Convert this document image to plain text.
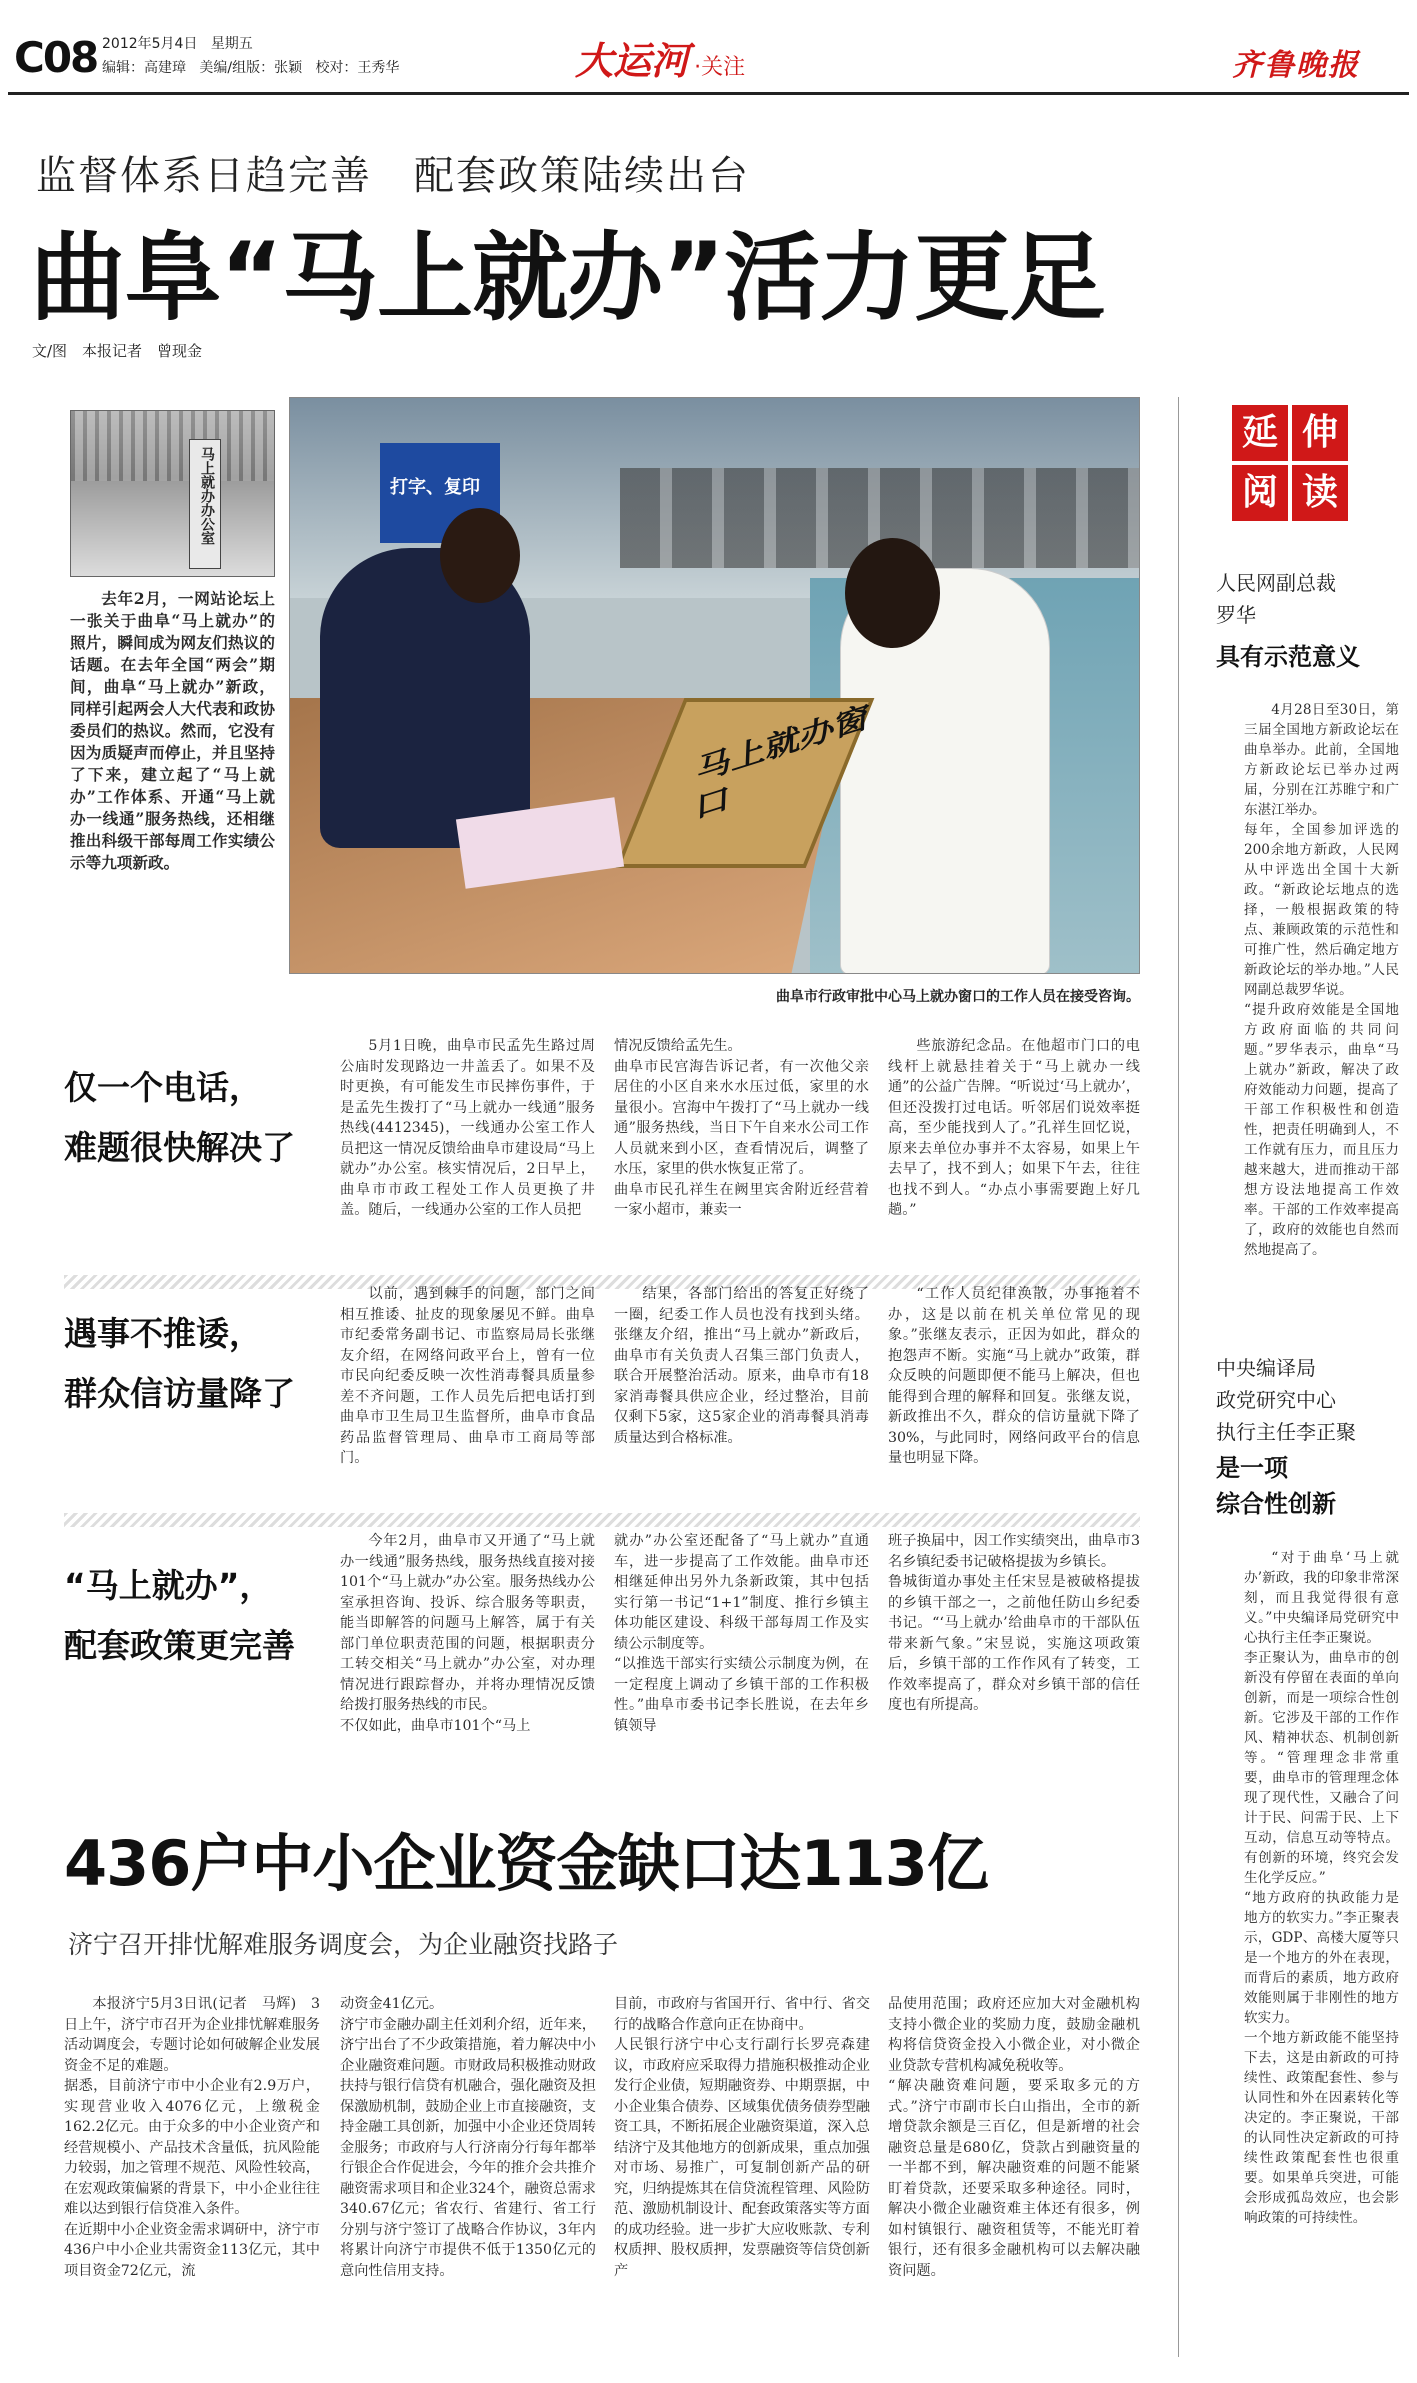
C08 2012年5月4日 星期五
编辑：高建璋 美编/组版：张颖 校对：王秀华	大运河 ·关注	齐鲁晚报
监督体系日趋完善　配套政策陆续出台
曲阜“马上就办”活力更足
文/图　本报记者　曾现金
马上就办办公室
去年2月，一网站论坛上一张关于曲阜“马上就办”的照片，瞬间成为网友们热议的话题。在去年全国“两会”期间，曲阜“马上就办”新政，同样引起两会人大代表和政协委员们的热议。然而，它没有因为质疑声而停止，并且坚持了下来，建立起了“马上就办”工作体系、开通“马上就办一线通”服务热线，还相继推出科级干部每周工作实绩公示等九项新政。
打字、复印
马上就办窗口
曲阜市行政审批中心马上就办窗口的工作人员在接受咨询。
仅一个电话，
难题很快解决了
5月1日晚，曲阜市民孟先生路过周公庙时发现路边一井盖丢了。如果不及时更换，有可能发生市民摔伤事件，于是孟先生拨打了“马上就办一线通”服务热线(4412345)，一线通办公室工作人员把这一情况反馈给曲阜市建设局“马上就办”办公室。核实情况后，2日早上，曲阜市市政工程处工作人员更换了井盖。随后，一线通办公室的工作人员把
情况反馈给孟先生。
曲阜市民宫海告诉记者，有一次他父亲居住的小区自来水水压过低，家里的水量很小。宫海中午拨打了“马上就办一线通”服务热线，当日下午自来水公司工作人员就来到小区，查看情况后，调整了水压，家里的供水恢复正常了。
曲阜市民孔祥生在阙里宾舍附近经营着一家小超市，兼卖一
些旅游纪念品。在他超市门口的电线杆上就悬挂着关于“马上就办一线通”的公益广告牌。“听说过‘马上就办’，但还没拨打过电话。听邻居们说效率挺高，至少能找到人了。”孔祥生回忆说，原来去单位办事并不太容易，如果上午去早了，找不到人；如果下午去，往往也找不到人。“办点小事需要跑上好几趟。”
遇事不推诿，
群众信访量降了
以前，遇到棘手的问题，部门之间相互推诿、扯皮的现象屡见不鲜。曲阜市纪委常务副书记、市监察局局长张继友介绍，在网络问政平台上，曾有一位市民向纪委反映一次性消毒餐具质量参差不齐问题，工作人员先后把电话打到曲阜市卫生局卫生监督所，曲阜市食品药品监督管理局、曲阜市工商局等部门。
结果，各部门给出的答复正好绕了一圈，纪委工作人员也没有找到头绪。张继友介绍，推出“马上就办”新政后，曲阜市有关负责人召集三部门负责人，联合开展整治活动。原来，曲阜市有18家消毒餐具供应企业，经过整治，目前仅剩下5家，这5家企业的消毒餐具消毒质量达到合格标准。
“工作人员纪律涣散，办事拖着不办，这是以前在机关单位常见的现象。”张继友表示，正因为如此，群众的抱怨声不断。实施“马上就办”政策，群众反映的问题即便不能马上解决，但也能得到合理的解释和回复。张继友说，新政推出不久，群众的信访量就下降了30%，与此同时，网络问政平台的信息量也明显下降。
“马上就办”，
配套政策更完善
今年2月，曲阜市又开通了“马上就办一线通”服务热线，服务热线直接对接101个“马上就办”办公室。服务热线办公室承担咨询、投诉、综合服务等职责，能当即解答的问题马上解答，属于有关部门单位职责范围的问题，根据职责分工转交相关“马上就办”办公室，对办理情况进行跟踪督办，并将办理情况反馈给拨打服务热线的市民。
不仅如此，曲阜市101个“马上
就办”办公室还配备了“马上就办”直通车，进一步提高了工作效能。曲阜市还相继延伸出另外九条新政策，其中包括实行第一书记“1+1”制度、推行乡镇主体功能区建设、科级干部每周工作及实绩公示制度等。
“以推选干部实行实绩公示制度为例，在一定程度上调动了乡镇干部的工作积极性。”曲阜市委书记李长胜说，在去年乡镇领导
班子换届中，因工作实绩突出，曲阜市3名乡镇纪委书记破格提拔为乡镇长。
鲁城街道办事处主任宋昱是被破格提拔的乡镇干部之一，之前他任防山乡纪委书记。“‘马上就办’给曲阜市的干部队伍带来新气象。”宋昱说，实施这项政策后，乡镇干部的工作作风有了转变，工作效率提高了，群众对乡镇干部的信任度也有所提高。
436户中小企业资金缺口达113亿
济宁召开排忧解难服务调度会，为企业融资找路子
本报济宁5月3日讯(记者　马辉)　3日上午，济宁市召开为企业排忧解难服务活动调度会，专题讨论如何破解企业发展资金不足的难题。
据悉，目前济宁市中小企业有2.9万户，实现营业收入4076亿元，上缴税金162.2亿元。由于众多的中小企业资产和经营规模小、产品技术含量低，抗风险能力较弱，加之管理不规范、风险性较高，在宏观政策偏紧的背景下，中小企业往往难以达到银行信贷准入条件。
在近期中小企业资金需求调研中，济宁市436户中小企业共需资金113亿元，其中项目资金72亿元，流
动资金41亿元。
济宁市金融办副主任刘利介绍，近年来，济宁出台了不少政策措施，着力解决中小企业融资难问题。市财政局积极推动财政扶持与银行信贷有机融合，强化融资及担保激励机制，鼓励企业上市直接融资，支持金融工具创新，加强中小企业还贷周转金服务；市政府与人行济南分行每年都举行银企合作促进会，今年的推介会共推介融资需求项目和企业324个，融资总需求340.67亿元；省农行、省建行、省工行分别与济宁签订了战略合作协议，3年内将累计向济宁市提供不低于1350亿元的意向性信用支持。
目前，市政府与省国开行、省中行、省交行的战略合作意向正在协商中。
人民银行济宁中心支行副行长罗亮森建议，市政府应采取得力措施积极推动企业发行企业债，短期融资券、中期票据，中小企业集合债券、区域集优债务债券型融资工具，不断拓展企业融资渠道，深入总结济宁及其他地方的创新成果，重点加强对市场、易推广，可复制创新产品的研究，归纳提炼其在信贷流程管理、风险防范、激励机制设计、配套政策落实等方面的成功经验。进一步扩大应收账款、专利权质押、股权质押，发票融资等信贷创新产
品使用范围；政府还应加大对金融机构支持小微企业的奖励力度，鼓励金融机构将信贷资金投入小微企业，对小微企业贷款专营机构减免税收等。
“解决融资难问题，要采取多元的方式。”济宁市副市长白山指出，全市的新增贷款余额是三百亿，但是新增的社会融资总量是680亿，贷款占到融资量的一半都不到，解决融资难的问题不能紧盯着贷款，还要采取多种途径。同时，解决小微企业融资难主体还有很多，例如村镇银行、融资租赁等，不能光盯着银行，还有很多金融机构可以去解决融资问题。
延 伸
阅 读
人民网副总裁
罗华
具有示范意义
4月28日至30日，第三届全国地方新政论坛在曲阜举办。此前，全国地方新政论坛已举办过两届，分别在江苏睢宁和广东湛江举办。
每年，全国参加评选的200余地方新政，人民网从中评选出全国十大新政。“新政论坛地点的选择，一般根据政策的特点、兼顾政策的示范性和可推广性，然后确定地方新政论坛的举办地。”人民网副总裁罗华说。
“提升政府效能是全国地方政府面临的共同问题。”罗华表示，曲阜“马上就办”新政，解决了政府效能动力问题，提高了干部工作积极性和创造性，把责任明确到人，不工作就有压力，而且压力越来越大，进而推动干部想方设法地提高工作效率。干部的工作效率提高了，政府的效能也自然而然地提高了。
中央编译局
政党研究中心
执行主任李正聚
是一项
综合性创新
“对于曲阜‘马上就办’新政，我的印象非常深刻，而且我觉得很有意义。”中央编译局党研究中心执行主任李正聚说。
李正聚认为，曲阜市的创新没有停留在表面的单向创新，而是一项综合性创新。它涉及干部的工作作风、精神状态、机制创新等。“管理理念非常重要，曲阜市的管理理念体现了现代性，又融合了问计于民、问需于民、上下互动，信息互动等特点。有创新的环境，终究会发生化学反应。”
“地方政府的执政能力是地方的软实力。”李正聚表示，GDP、高楼大厦等只是一个地方的外在表现，而背后的素质，地方政府效能则属于非刚性的地方软实力。
一个地方新政能不能坚持下去，这是由新政的可持续性、政策配套性、参与认同性和外在因素转化等决定的。李正聚说，干部的认同性决定新政的可持续性政策配套性也很重要。如果单兵突进，可能会形成孤岛效应，也会影响政策的可持续性。
